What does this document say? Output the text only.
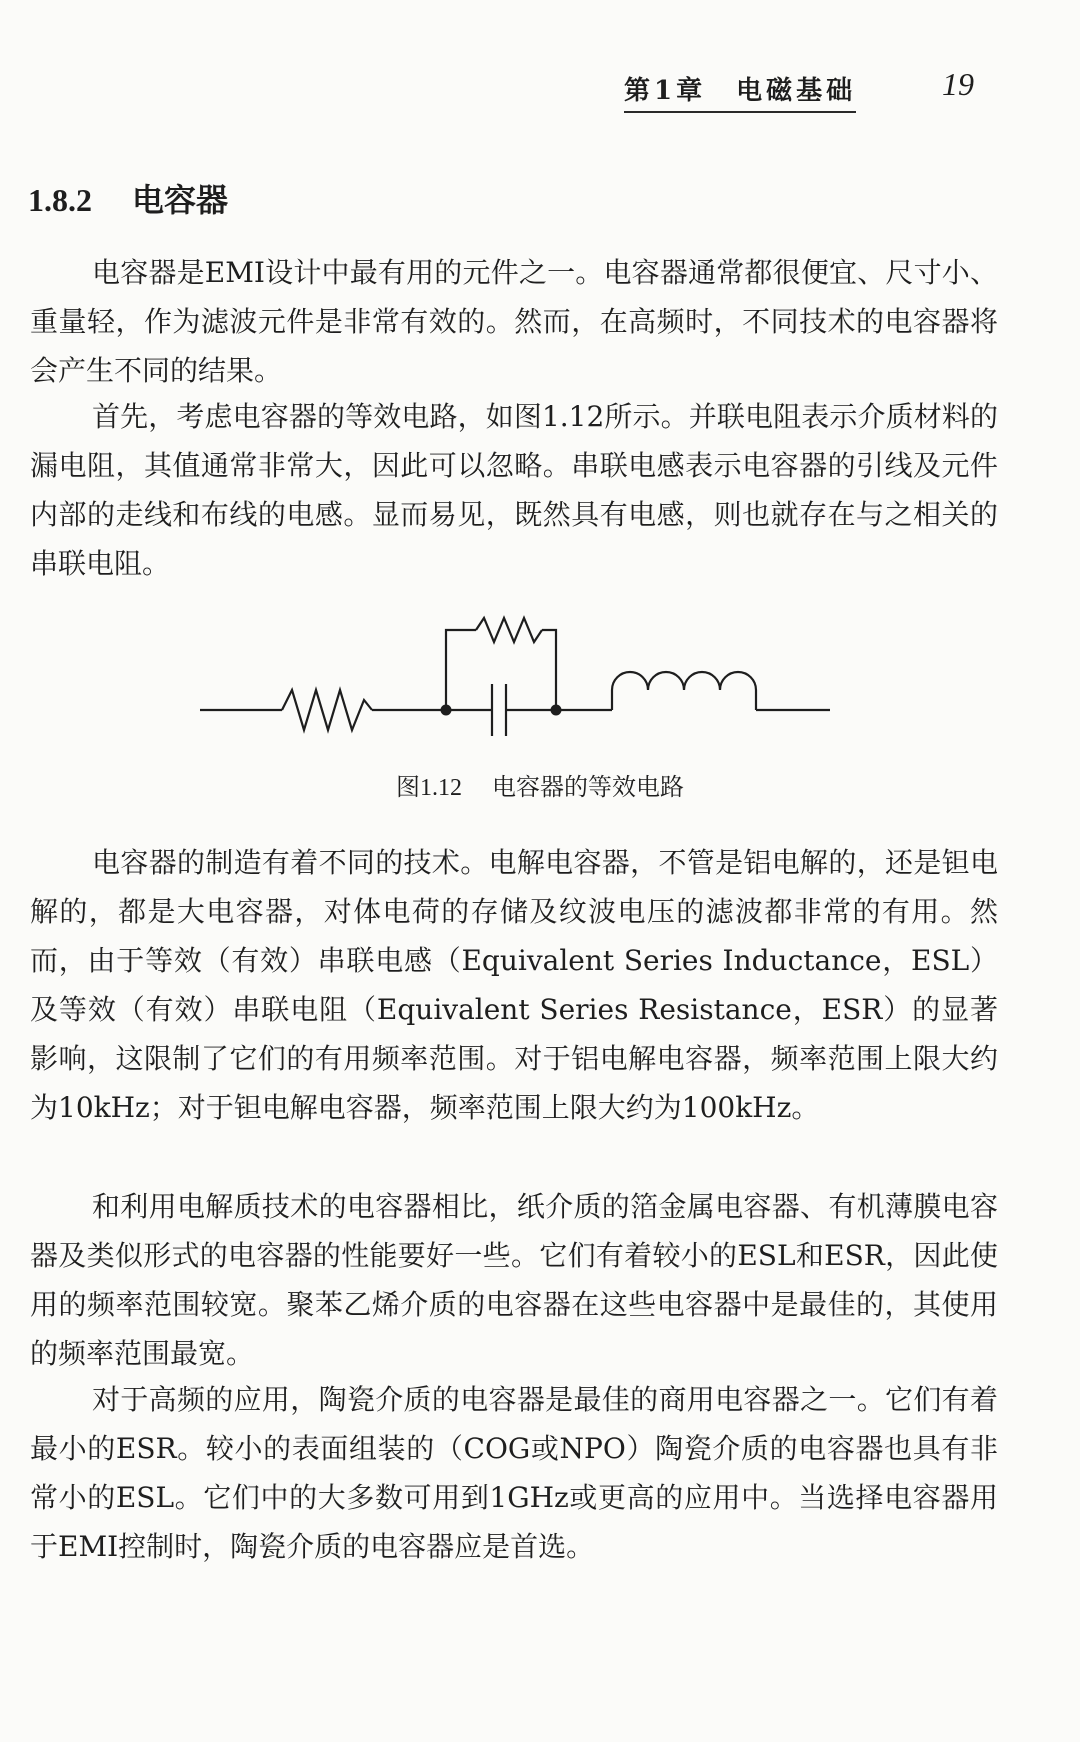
第1章　电磁基础	19
1.8.2 电容器

电容器是EMI设计中最有用的元件之一。电容器通常都很便宜、尺寸小、重量轻，作为滤波元件是非常有效的。然而，在高频时，不同技术的电容器将会产生不同的结果。

首先，考虑电容器的等效电路，如图1.12所示。并联电阻表示介质材料的漏电阻，其值通常非常大，因此可以忽略。串联电感表示电容器的引线及元件内部的走线和布线的电感。显而易见，既然具有电感，则也就存在与之相关的串联电阻。

图1.12 电容器的等效电路

电容器的制造有着不同的技术。电解电容器，不管是铝电解的，还是钽电解的，都是大电容器，对体电荷的存储及纹波电压的滤波都非常的有用。然而，由于等效（有效）串联电感（Equivalent Series Inductance，ESL）及等效（有效）串联电阻（Equivalent Series Resistance，ESR）的显著影响，这限制了它们的有用频率范围。对于铝电解电容器，频率范围上限大约为10kHz；对于钽电解电容器，频率范围上限大约为100kHz。

和利用电解质技术的电容器相比，纸介质的箔金属电容器、有机薄膜电容器及类似形式的电容器的性能要好一些。它们有着较小的ESL和ESR，因此使用的频率范围较宽。聚苯乙烯介质的电容器在这些电容器中是最佳的，其使用的频率范围最宽。

对于高频的应用，陶瓷介质的电容器是最佳的商用电容器之一。它们有着最小的ESR。较小的表面组装的（COG或NPO）陶瓷介质的电容器也具有非常小的ESL。它们中的大多数可用到1GHz或更高的应用中。当选择电容器用于EMI控制时，陶瓷介质的电容器应是首选。
